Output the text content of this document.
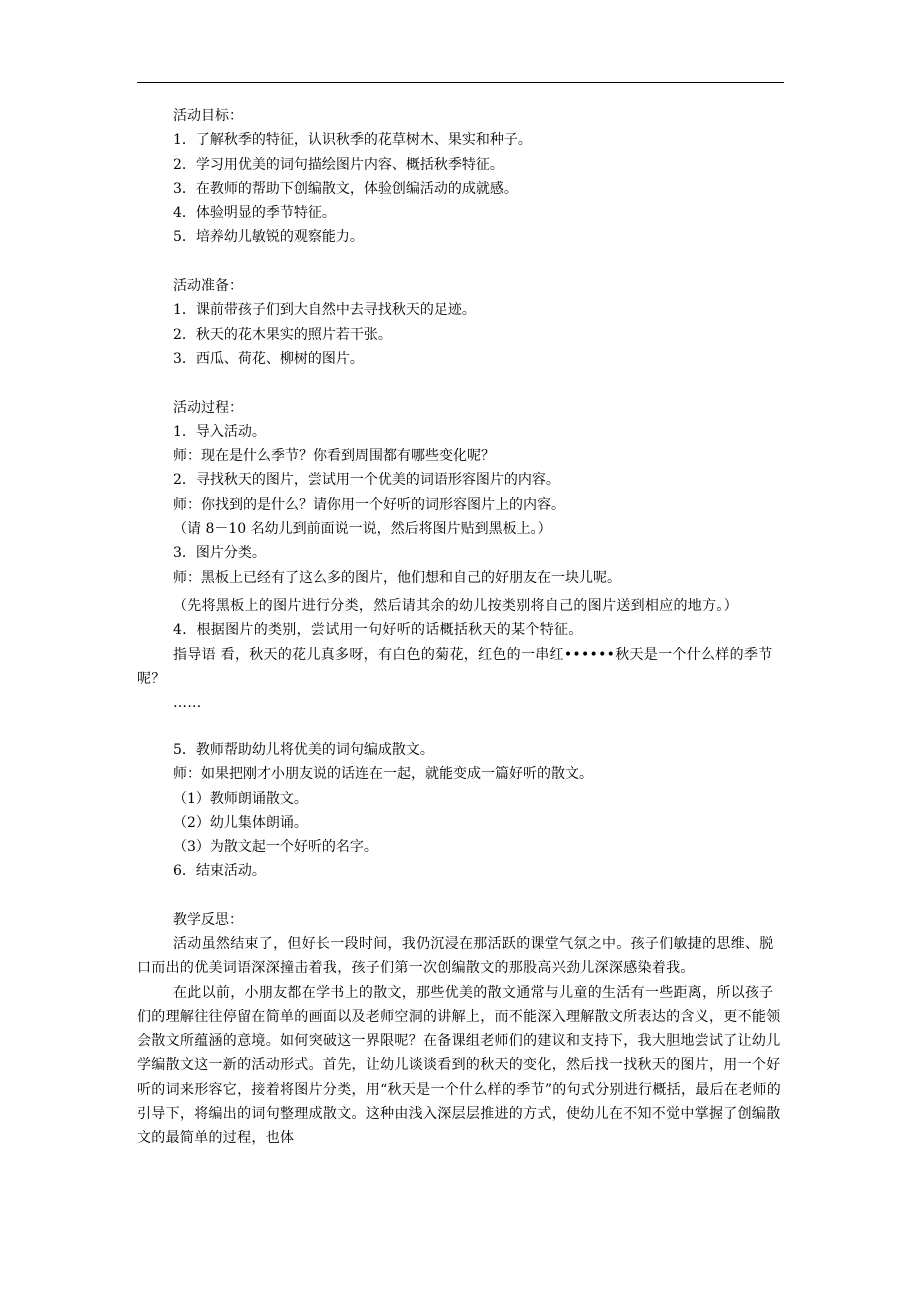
活动目标：
1．了解秋季的特征，认识秋季的花草树木、果实和种子。
2．学习用优美的词句描绘图片内容、概括秋季特征。
3．在教师的帮助下创编散文，体验创编活动的成就感。
4．体验明显的季节特征。
5．培养幼儿敏锐的观察能力。
活动准备：
1．课前带孩子们到大自然中去寻找秋天的足迹。
2．秋天的花木果实的照片若干张。
3．西瓜、荷花、柳树的图片。
活动过程：
1．导入活动。
师：现在是什么季节？你看到周围都有哪些变化呢？
2．寻找秋天的图片，尝试用一个优美的词语形容图片的内容。
师：你找到的是什么？请你用一个好听的词形容图片上的内容。
（请 8－10 名幼儿到前面说一说，然后将图片贴到黑板上。）
3．图片分类。
师：黑板上已经有了这么多的图片，他们想和自己的好朋友在一块儿呢。

（先将黑板上的图片进行分类，然后请其余的幼儿按类别将自己的图片送到相应的地方。）

4．根据图片的类别，尝试用一句好听的话概括秋天的某个特征。

指导语 看，秋天的花儿真多呀，有白色的菊花，红色的一串红••••••秋天是一个什么样的季节呢？

……

5．教师帮助幼儿将优美的词句编成散文。
师：如果把刚才小朋友说的话连在一起，就能变成一篇好听的散文。
（1）教师朗诵散文。
（2）幼儿集体朗诵。
（3）为散文起一个好听的名字。
6．结束活动。
教学反思：

活动虽然结束了，但好长一段时间，我仍沉浸在那活跃的课堂气氛之中。孩子们敏捷的思维、脱口而出的优美词语深深撞击着我，孩子们第一次创编散文的那股高兴劲儿深深感染着我。

在此以前，小朋友都在学书上的散文，那些优美的散文通常与儿童的生活有一些距离，所以孩子们的理解往往停留在简单的画面以及老师空洞的讲解上，而不能深入理解散文所表达的含义，更不能领会散文所蕴涵的意境。如何突破这一界限呢？在备课组老师们的建议和支持下，我大胆地尝试了让幼儿学编散文这一新的活动形式。首先，让幼儿谈谈看到的秋天的变化，然后找一找秋天的图片，用一个好听的词来形容它，接着将图片分类，用“秋天是一个什么样的季节”的句式分别进行概括，最后在老师的引导下，将编出的词句整理成散文。这种由浅入深层层推进的方式，使幼儿在不知不觉中掌握了创编散文的最简单的过程，也体
